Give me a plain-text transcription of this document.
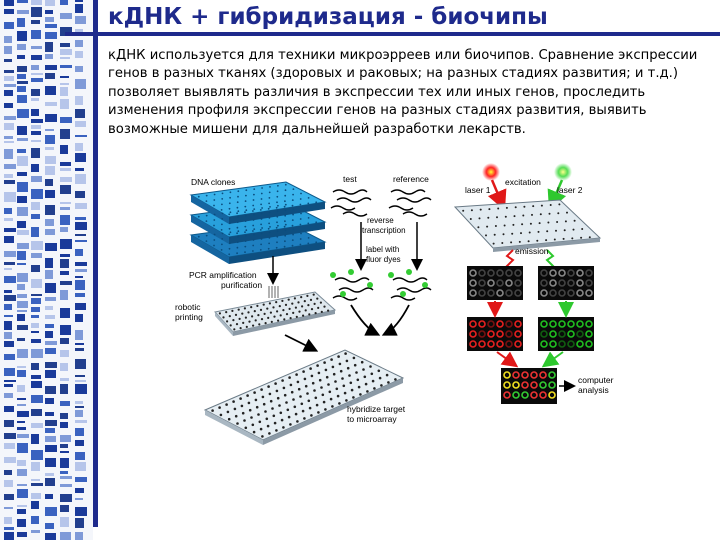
кДНК + гибридизация - биочипы

кДНК используется для техники микроэрреев или биочипов. Сравнение экспрессии генов в разных тканях (здоровых и раковых; на разных стадиях развития; и т.д.) позволяет выявлять различия в экспрессии тех или иных генов, проследить изменения профиля экспрессии генов на разных стадиях развития, выявить возможные мишени для дальнейшей разработки лекарств.

DNA clones	test	reference
reverse
transcription
label with
fluor dyes
PCR amplification
purification
robotic
printing
hybridize target
to microarray
laser 1
excitation
laser 2
emission
computer
analysis
